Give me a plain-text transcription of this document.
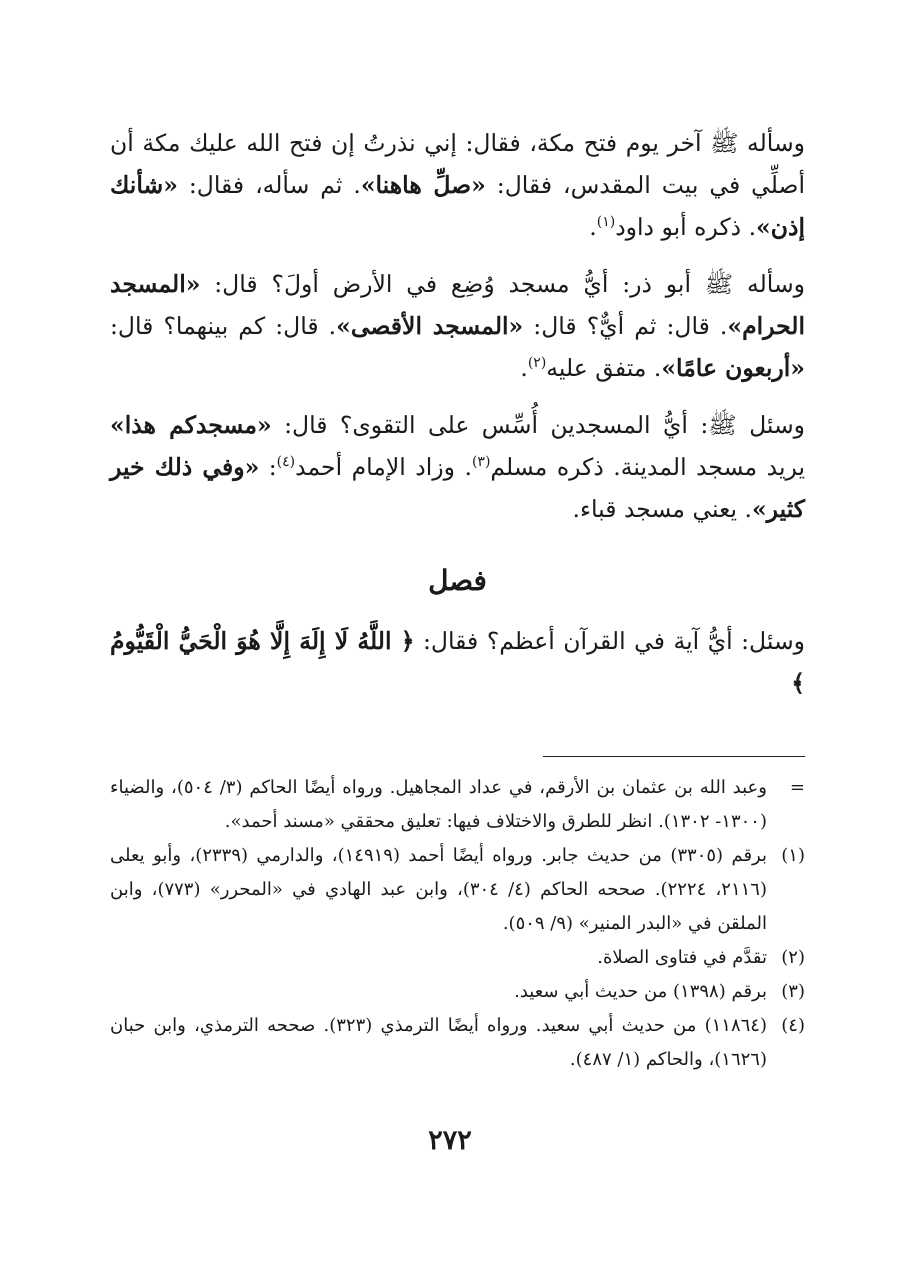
وسأله ﷺ آخر يوم فتح مكة، فقال: إني نذرتُ إن فتح الله عليك مكة أن أصلِّي في بيت المقدس، فقال: «صلِّ هاهنا». ثم سأله، فقال: «شأنك إذن». ذكره أبو داود$^{(١)}$.

وسأله ﷺ أبو ذر: أيُّ مسجد وُضِع في الأرض أولَ؟ قال: «المسجد الحرام». قال: ثم أيٌّ؟ قال: «المسجد الأقصى». قال: كم بينهما؟ قال: «أربعون عامًا». متفق عليه$^{(٢)}$.

وسئل ﷺ: أيُّ المسجدين أُسِّس على التقوى؟ قال: «مسجدكم هذا» يريد مسجد المدينة. ذكره مسلم$^{(٣)}$. وزاد الإمام أحمد$^{(٤)}$: «وفي ذلك خير كثير». يعني مسجد قباء.

فصل

وسئل: أيُّ آية في القرآن أعظم؟ فقال: ﴿ اللَّهُ لَا إِلَهَ إِلَّا هُوَ الْحَيُّ الْقَيُّومُ ﴾

=
وعبد الله بن عثمان بن الأرقم، في عداد المجاهيل. ورواه أيضًا الحاكم (٣/ ٥٠٤)، والضياء (١٣٠٠- ١٣٠٢). انظر للطرق والاختلاف فيها: تعليق محققي «مسند أحمد».

(١)
برقم (٣٣٠٥) من حديث جابر. ورواه أيضًا أحمد (١٤٩١٩)، والدارمي (٢٣٣٩)، وأبو يعلى (٢١١٦، ٢٢٢٤). صححه الحاكم (٤/ ٣٠٤)، وابن عبد الهادي في «المحرر» (٧٧٣)، وابن الملقن في «البدر المنير» (٩/ ٥٠٩).

(٢)
تقدَّم في فتاوى الصلاة.

(٣)
برقم (١٣٩٨) من حديث أبي سعيد.

(٤)
(١١٨٦٤) من حديث أبي سعيد. ورواه أيضًا الترمذي (٣٢٣). صححه الترمذي، وابن حبان (١٦٢٦)، والحاكم (١/ ٤٨٧).

٢٧٢
